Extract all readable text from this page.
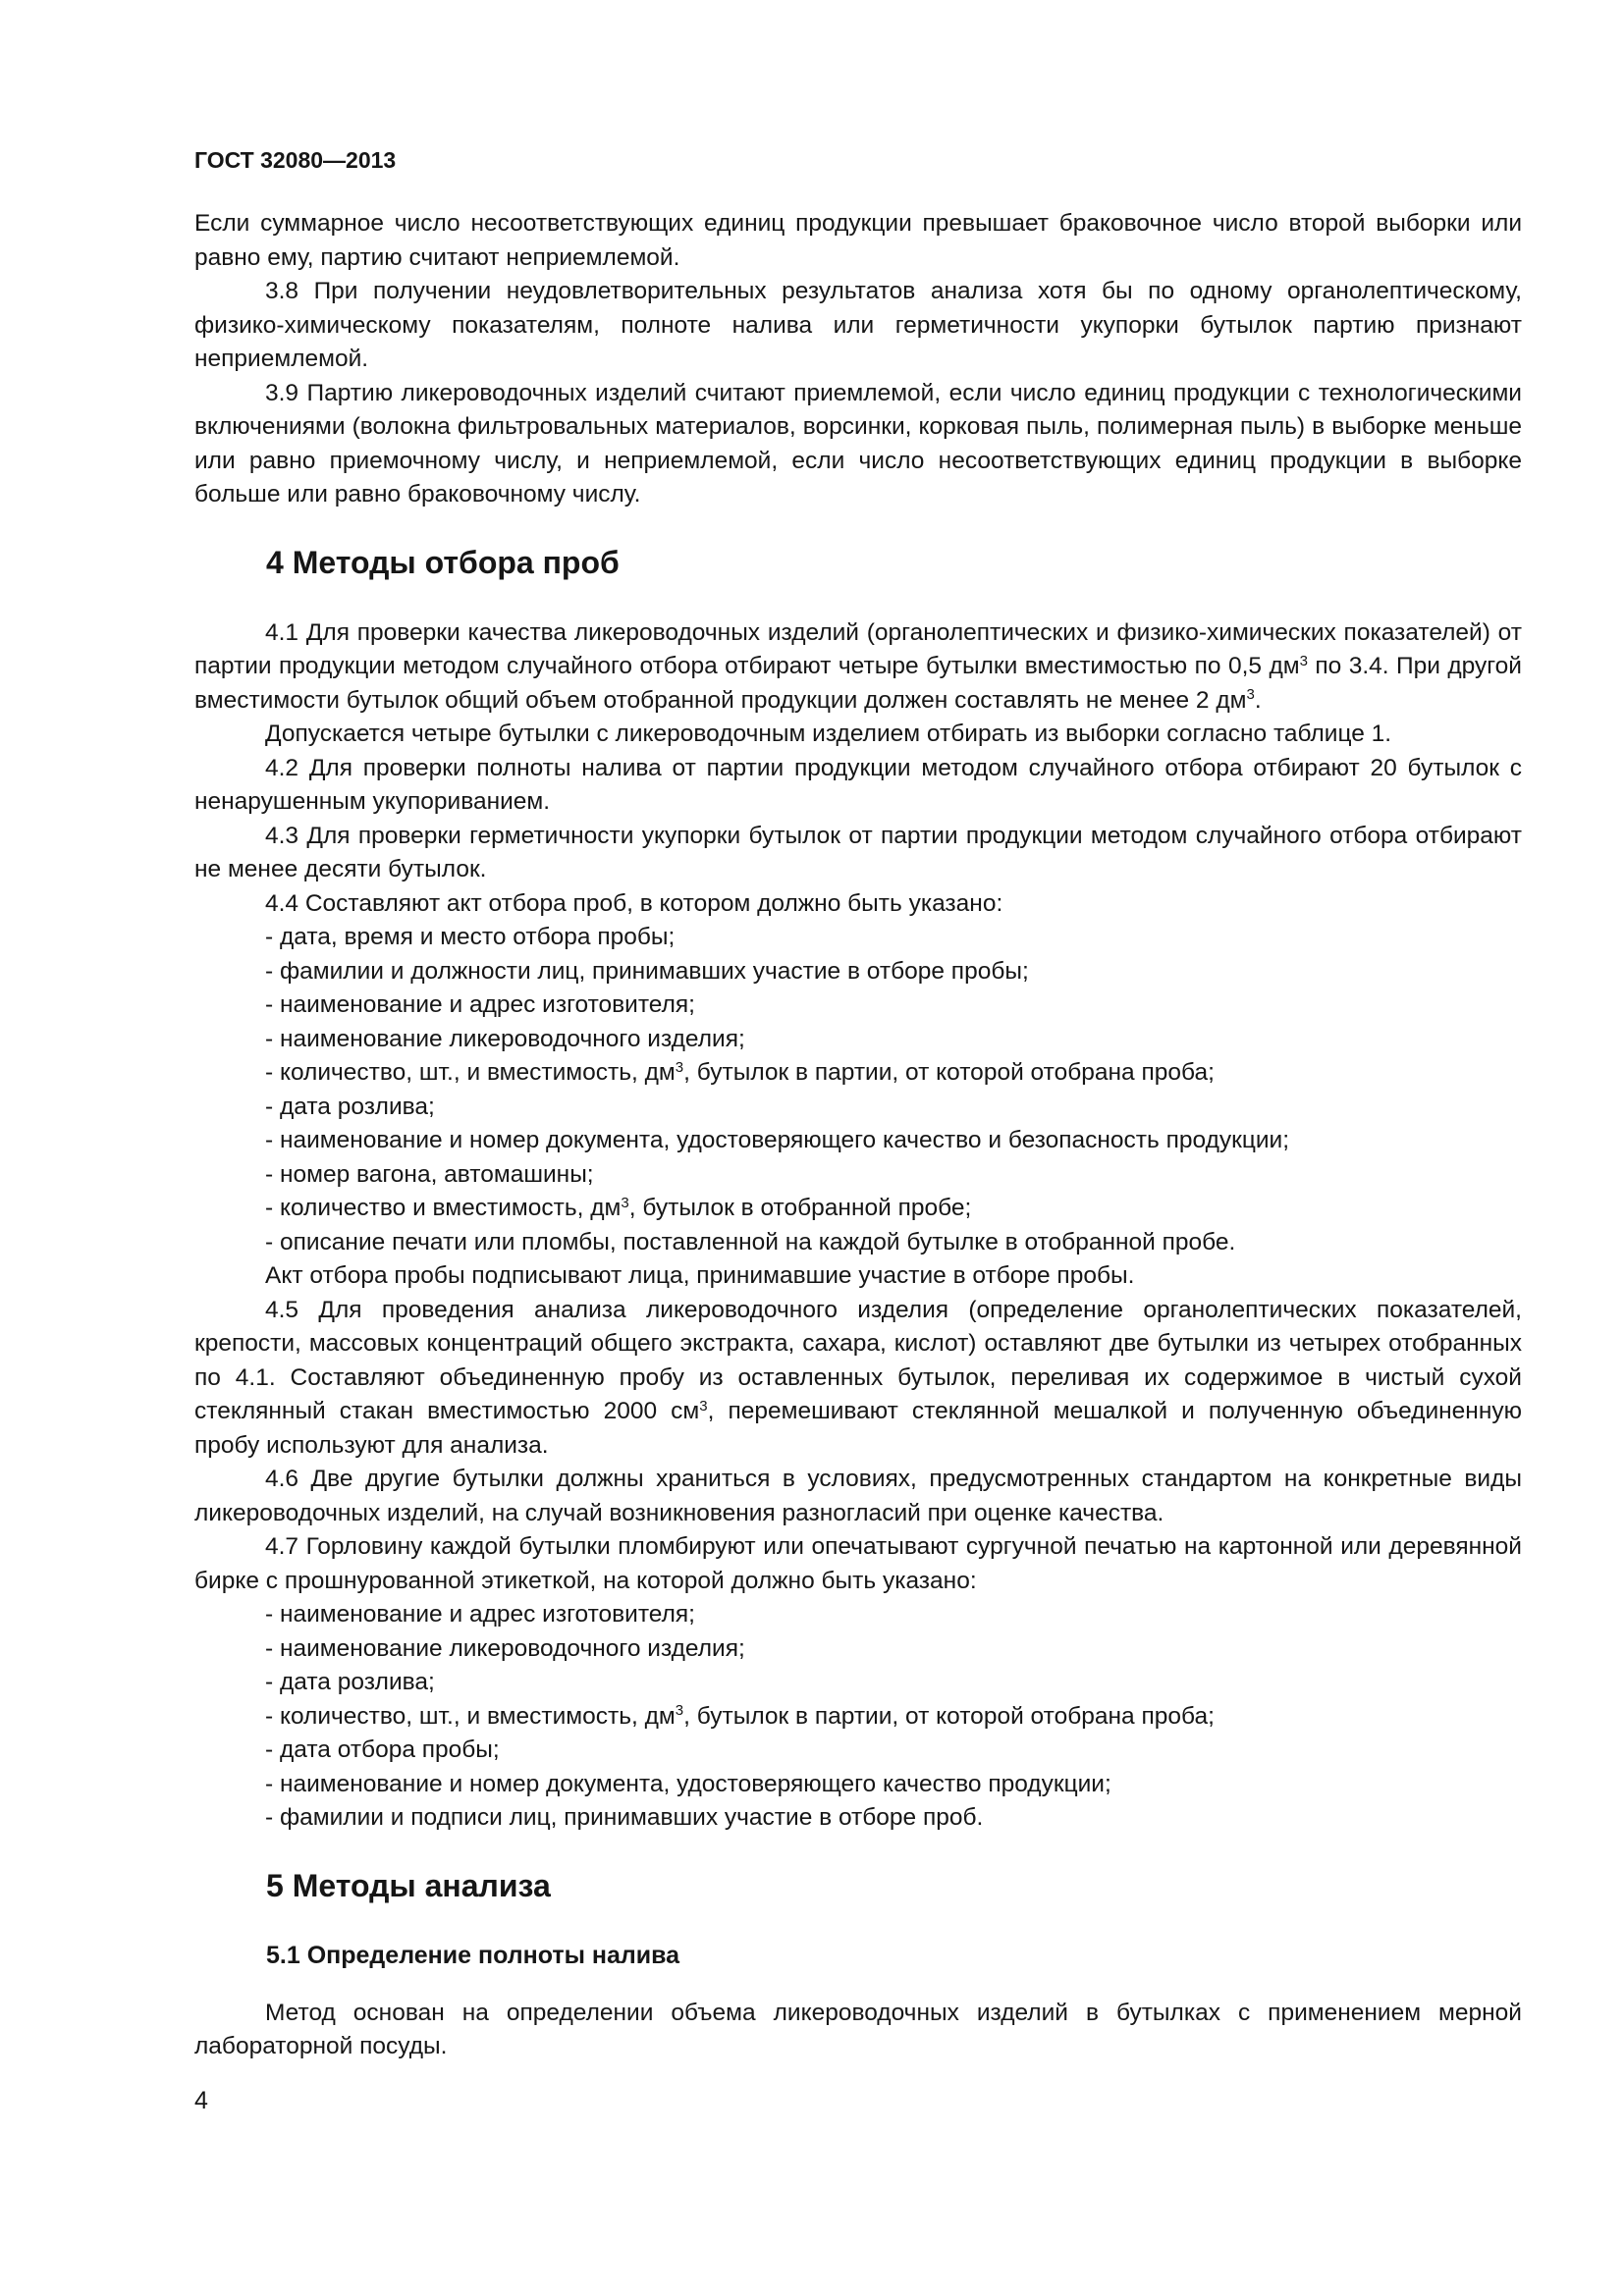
ГОСТ 32080—2013

Если суммарное число несоответствующих единиц продукции превышает браковочное число второй выборки или равно ему, партию считают неприемлемой.

3.8 При получении неудовлетворительных результатов анализа хотя бы по одному органолептическому, физико-химическому показателям, полноте налива или герметичности укупорки бутылок партию признают неприемлемой.

3.9 Партию ликероводочных изделий считают приемлемой, если число единиц продукции с технологическими включениями (волокна фильтровальных материалов, ворсинки, корковая пыль, полимерная пыль) в выборке меньше или равно приемочному числу, и неприемлемой, если число несоответствующих единиц продукции в выборке больше или равно браковочному числу.

4 Методы отбора проб

4.1 Для проверки качества ликероводочных изделий (органолептических и физико-химических показателей) от партии продукции методом случайного отбора отбирают четыре бутылки вместимостью по 0,5 $дм^3$ по 3.4. При другой вместимости бутылок общий объем отобранной продукции должен составлять не менее 2 $дм^3$.

Допускается четыре бутылки с ликероводочным изделием отбирать из выборки согласно таблице 1.

4.2 Для проверки полноты налива от партии продукции методом случайного отбора отбирают 20 бутылок с ненарушенным укупориванием.

4.3 Для проверки герметичности укупорки бутылок от партии продукции методом случайного отбора отбирают не менее десяти бутылок.

4.4 Составляют акт отбора проб, в котором должно быть указано:

- дата, время и место отбора пробы;

- фамилии и должности лиц, принимавших участие в отборе пробы;

- наименование и адрес изготовителя;

- наименование ликероводочного изделия;

- количество, шт., и вместимость, $дм^3$, бутылок в партии, от которой отобрана проба;

- дата розлива;

- наименование и номер документа, удостоверяющего качество и безопасность продукции;

- номер вагона, автомашины;

- количество и вместимость, $дм^3$, бутылок в отобранной пробе;

- описание печати или пломбы, поставленной на каждой бутылке в отобранной пробе.

Акт отбора пробы подписывают лица, принимавшие участие в отборе пробы.

4.5 Для проведения анализа ликероводочного изделия (определение органолептических показателей, крепости, массовых концентраций общего экстракта, сахара, кислот) оставляют две бутылки из четырех отобранных по 4.1. Составляют объединенную пробу из оставленных бутылок, переливая их содержимое в чистый сухой стеклянный стакан вместимостью 2000 $см^3$, перемешивают стеклянной мешалкой и полученную объединенную пробу используют для анализа.

4.6 Две другие бутылки должны храниться в условиях, предусмотренных стандартом на конкретные виды ликероводочных изделий, на случай возникновения разногласий при оценке качества.

4.7 Горловину каждой бутылки пломбируют или опечатывают сургучной печатью на картонной или деревянной бирке с прошнурованной этикеткой, на которой должно быть указано:

- наименование и адрес изготовителя;

- наименование ликероводочного изделия;

- дата розлива;

- количество, шт., и вместимость, $дм^3$, бутылок в партии, от которой отобрана проба;

- дата отбора пробы;

- наименование и номер документа, удостоверяющего качество продукции;

- фамилии и подписи лиц, принимавших участие в отборе проб.

5 Методы анализа
5.1 Определение полноты налива

Метод основан на определении объема ликероводочных изделий в бутылках с применением мерной лабораторной посуды.

4
